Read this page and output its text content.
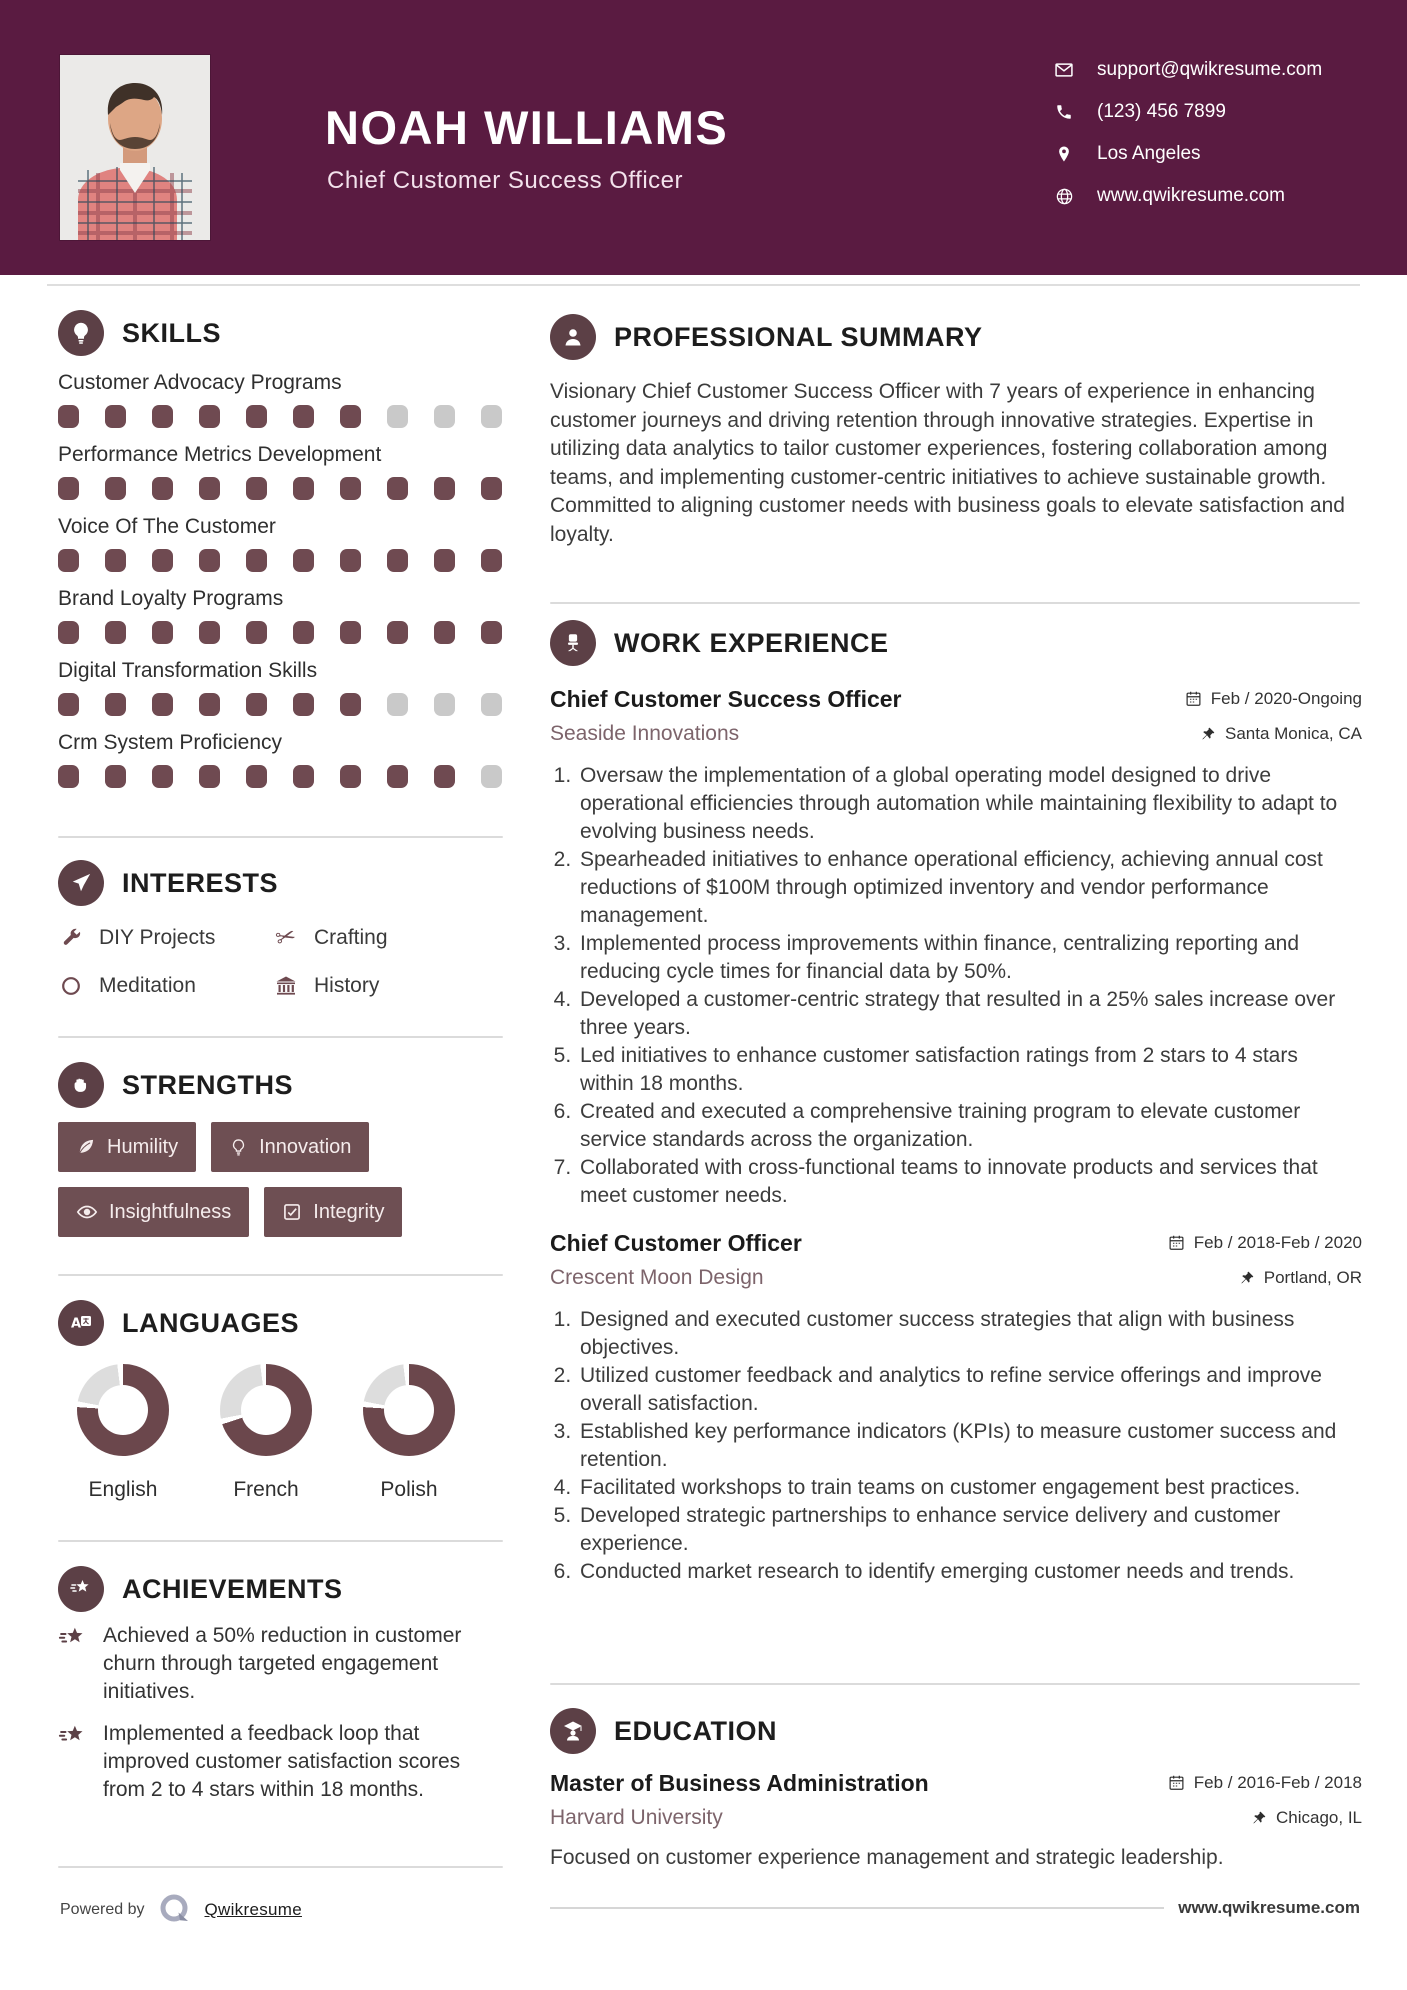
NOAH WILLIAMS
Chief Customer Success Officer
support@qwikresume.com
(123) 456 7899
Los Angeles
www.qwikresume.com
SKILLS
Customer Advocacy Programs
Performance Metrics Development
Voice Of The Customer
Brand Loyalty Programs
Digital Transformation Skills
Crm System Proficiency
INTERESTS
DIY Projects ✂ Crafting
Meditation	History
STRENGTHS
Humility	Innovation
Insightfulness	Integrity
A LANGUAGES
English	French	Polish
ACHIEVEMENTS
Achieved a 50% reduction in customer churn through targeted engagement initiatives.
Implemented a feedback loop that improved customer satisfaction scores from 2 to 4 stars within 18 months.
Powered by	Qwikresume
PROFESSIONAL SUMMARY
Visionary Chief Customer Success Officer with 7 years of experience in enhancing customer journeys and driving retention through innovative strategies. Expertise in utilizing data analytics to tailor customer experiences, fostering collaboration among teams, and implementing customer-centric initiatives to achieve sustainable growth. Committed to aligning customer needs with business goals to elevate satisfaction and loyalty.
WORK EXPERIENCE
Chief Customer Success Officer	Feb / 2020-Ongoing
Seaside Innovations	Santa Monica, CA
1. Oversaw the implementation of a global operating model designed to drive operational efficiencies through automation while maintaining flexibility to adapt to evolving business needs.
2. Spearheaded initiatives to enhance operational efficiency, achieving annual cost reductions of $100M through optimized inventory and vendor performance management.
3. Implemented process improvements within finance, centralizing reporting and reducing cycle times for financial data by 50%.
4. Developed a customer-centric strategy that resulted in a 25% sales increase over three years.
5. Led initiatives to enhance customer satisfaction ratings from 2 stars to 4 stars within 18 months.
6. Created and executed a comprehensive training program to elevate customer service standards across the organization.
7. Collaborated with cross-functional teams to innovate products and services that meet customer needs.
Chief Customer Officer	Feb / 2018-Feb / 2020
Crescent Moon Design	Portland, OR
1. Designed and executed customer success strategies that align with business objectives.
2. Utilized customer feedback and analytics to refine service offerings and improve overall satisfaction.
3. Established key performance indicators (KPIs) to measure customer success and retention.
4. Facilitated workshops to train teams on customer engagement best practices.
5. Developed strategic partnerships to enhance service delivery and customer experience.
6. Conducted market research to identify emerging customer needs and trends.
EDUCATION
Master of Business Administration	Feb / 2016-Feb / 2018
Harvard University	Chicago, IL
Focused on customer experience management and strategic leadership.
www.qwikresume.com
